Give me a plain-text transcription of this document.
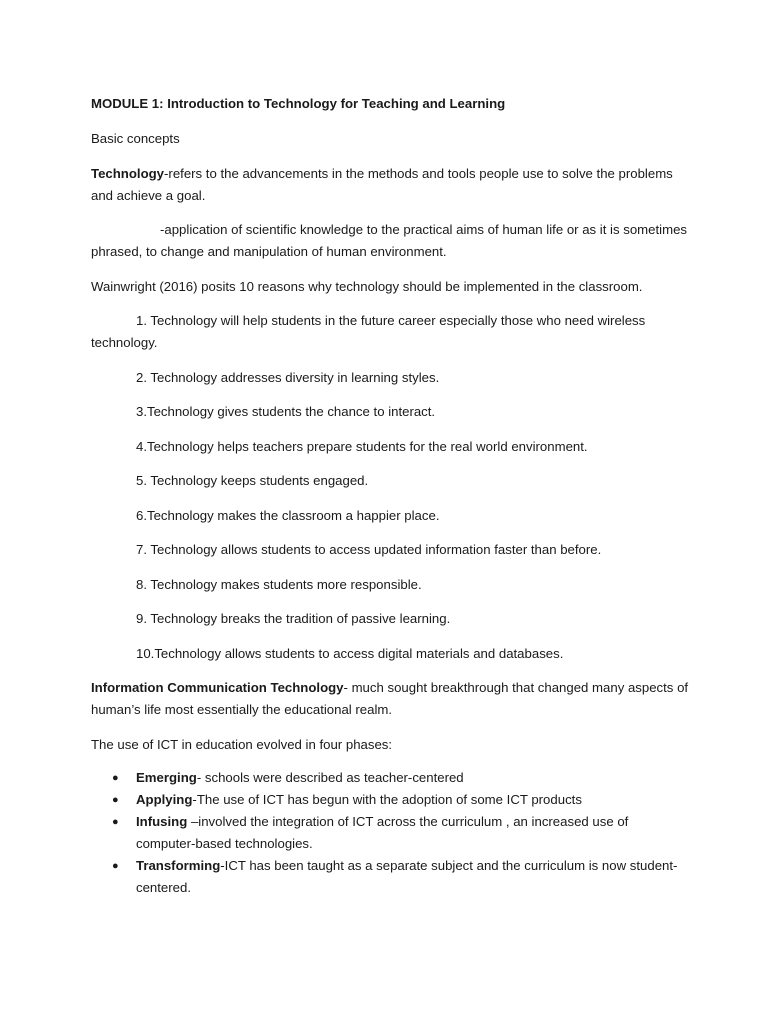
MODULE 1: Introduction to Technology for Teaching and Learning

Basic concepts

Technology-refers to the advancements in the methods and tools people use to solve the problems and achieve a goal.

-application of scientific knowledge to the practical aims of human life or as it is sometimes phrased, to change and manipulation of human environment.

Wainwright (2016) posits 10 reasons why technology should be implemented in the classroom.

1. Technology will help students in the future career especially those who need wireless technology.

2. Technology addresses diversity in learning styles.

3.Technology gives students the chance to interact.

4.Technology helps teachers prepare students for the real world environment.

5. Technology keeps students engaged.

6.Technology makes the classroom a happier place.

7. Technology allows students to access updated information faster than before.

8. Technology makes students more responsible.

9. Technology breaks the tradition of passive learning.

10.Technology allows students to access digital materials and databases.

Information Communication Technology- much sought breakthrough that changed many aspects of human’s life most essentially the educational realm.

The use of ICT in education evolved in four phases:

● Emerging- schools were described as teacher-centered
● Applying-The use of ICT has begun with the adoption of some ICT products
● Infusing –involved the integration of ICT across the curriculum , an increased use of computer-based technologies.
● Transforming-ICT has been taught as a separate subject and the curriculum is now student-centered.
